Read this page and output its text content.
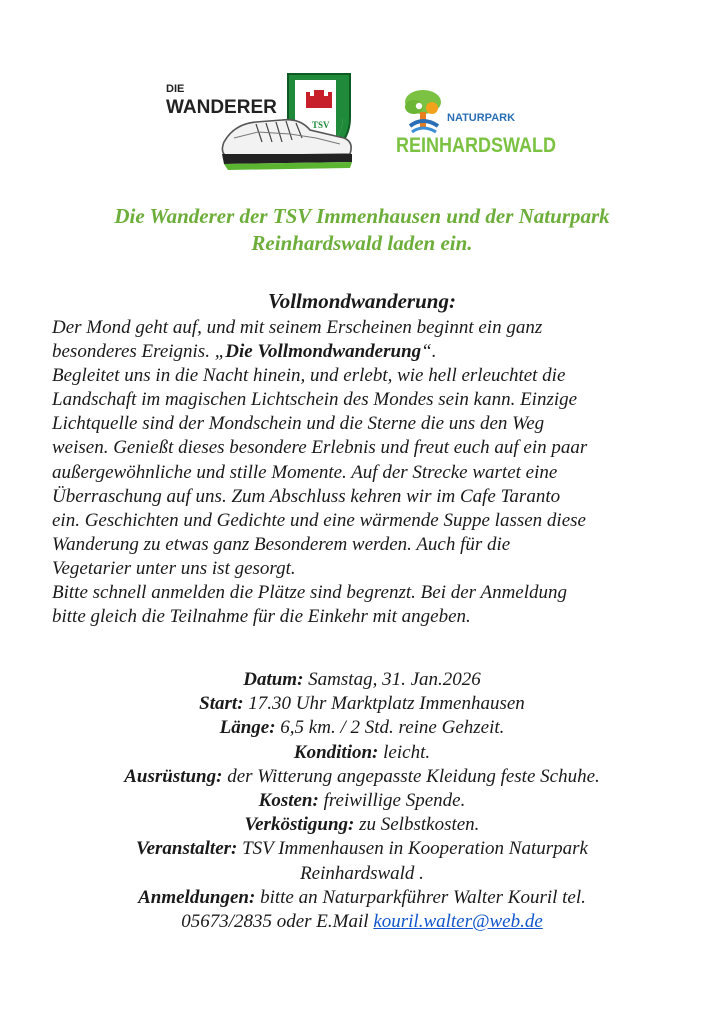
DIE
WANDERER
TSV
NATURPARK
REINHARDSWALD
Die Wanderer der TSV Immenhausen und der Naturpark
Reinhardswald laden ein.
Vollmondwanderung:
Der Mond geht auf, und mit seinem Erscheinen beginnt ein ganz
besonderes Ereignis. „Die Vollmondwanderung“.
Begleitet uns in die Nacht hinein, und erlebt, wie hell erleuchtet die
Landschaft im magischen Lichtschein des Mondes sein kann. Einzige
Lichtquelle sind der Mondschein und die Sterne die uns den Weg
weisen. Genießt dieses besondere Erlebnis und freut euch auf ein paar
außergewöhnliche und stille Momente. Auf der Strecke wartet eine
Überraschung auf uns. Zum Abschluss kehren wir im Cafe Taranto
ein. Geschichten und Gedichte und eine wärmende Suppe lassen diese
Wanderung zu etwas ganz Besonderem werden. Auch für die
Vegetarier unter uns ist gesorgt.
Bitte schnell anmelden die Plätze sind begrenzt. Bei der Anmeldung
bitte gleich die Teilnahme für die Einkehr mit angeben.
Datum: Samstag, 31. Jan.2026
Start: 17.30 Uhr Marktplatz Immenhausen
Länge: 6,5 km. / 2 Std. reine Gehzeit.
Kondition: leicht.
Ausrüstung: der Witterung angepasste Kleidung feste Schuhe.
Kosten: freiwillige Spende.
Verköstigung: zu Selbstkosten.
Veranstalter: TSV Immenhausen in Kooperation Naturpark
Reinhardswald .
Anmeldungen: bitte an Naturparkführer Walter Kouril tel.
05673/2835 oder E.Mail kouril.walter@web.de
